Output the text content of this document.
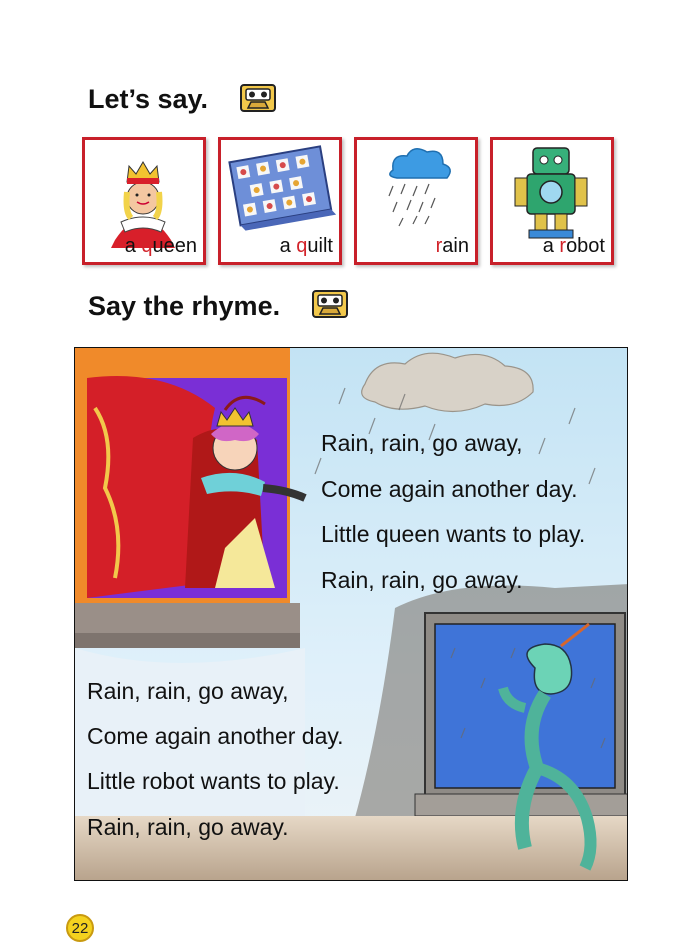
Let’s say.
a queen	a quilt	rain	a robot
Say the rhyme.
Rain, rain, go away,
Come again another day.
Little queen wants to play.
Rain, rain, go away.
Rain, rain, go away,
Come again another day.
Little robot wants to play.
Rain, rain, go away.
22
